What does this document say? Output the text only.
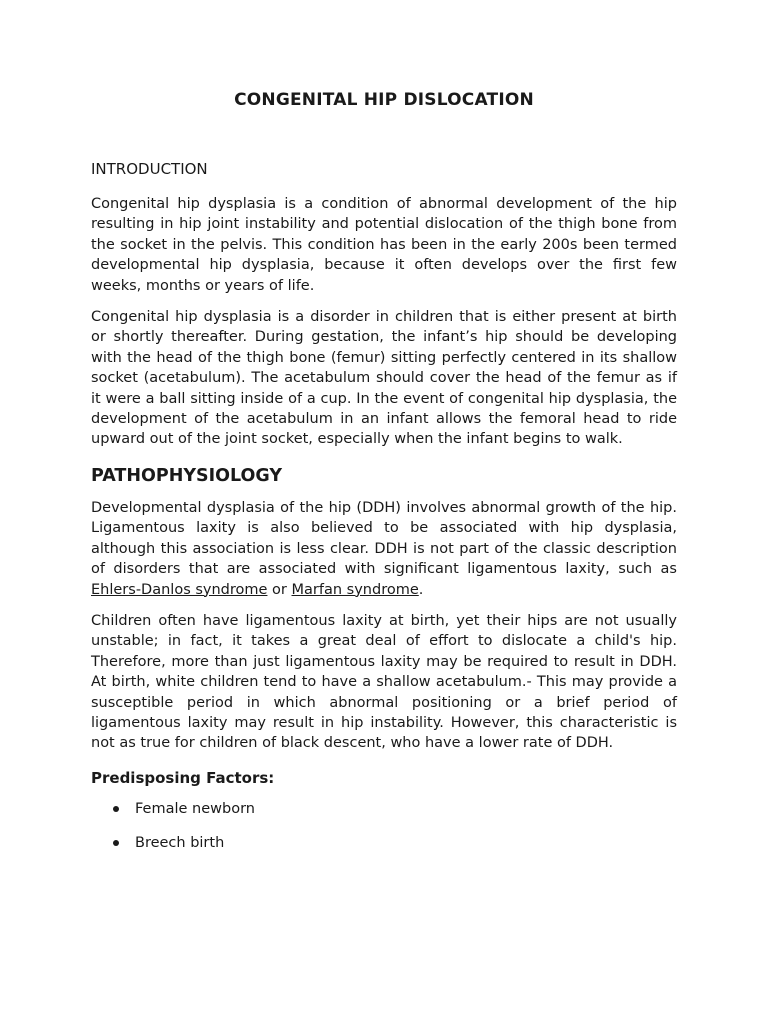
CONGENITAL HIP DISLOCATION
INTRODUCTION

Congenital hip dysplasia is a condition of abnormal development of the hip resulting in hip joint instability and potential dislocation of the thigh bone from the socket in the pelvis. This condition has been in the early 200s been termed developmental hip dysplasia, because it often develops over the first few weeks, months or years of life.

Congenital hip dysplasia is a disorder in children that is either present at birth or shortly thereafter. During gestation, the infant’s hip should be developing with the head of the thigh bone (femur) sitting perfectly centered in its shallow socket (acetabulum). The acetabulum should cover the head of the femur as if it were a ball sitting inside of a cup. In the event of congenital hip dysplasia, the development of the acetabulum in an infant allows the femoral head to ride upward out of the joint socket, especially when the infant begins to walk.

PATHOPHYSIOLOGY

Developmental dysplasia of the hip (DDH) involves abnormal growth of the hip. Ligamentous laxity is also believed to be associated with hip dysplasia, although this association is less clear. DDH is not part of the classic description of disorders that are associated with significant ligamentous laxity, such as Ehlers-Danlos syndrome or Marfan syndrome.

Children often have ligamentous laxity at birth, yet their hips are not usually unstable; in fact, it takes a great deal of effort to dislocate a child's hip. Therefore, more than just ligamentous laxity may be required to result in DDH. At birth, white children tend to have a shallow acetabulum.- This may provide a susceptible period in which abnormal positioning or a brief period of ligamentous laxity may result in hip instability. However, this characteristic is not as true for children of black descent, who have a lower rate of DDH.

Predisposing Factors:
Female newborn
Breech birth
